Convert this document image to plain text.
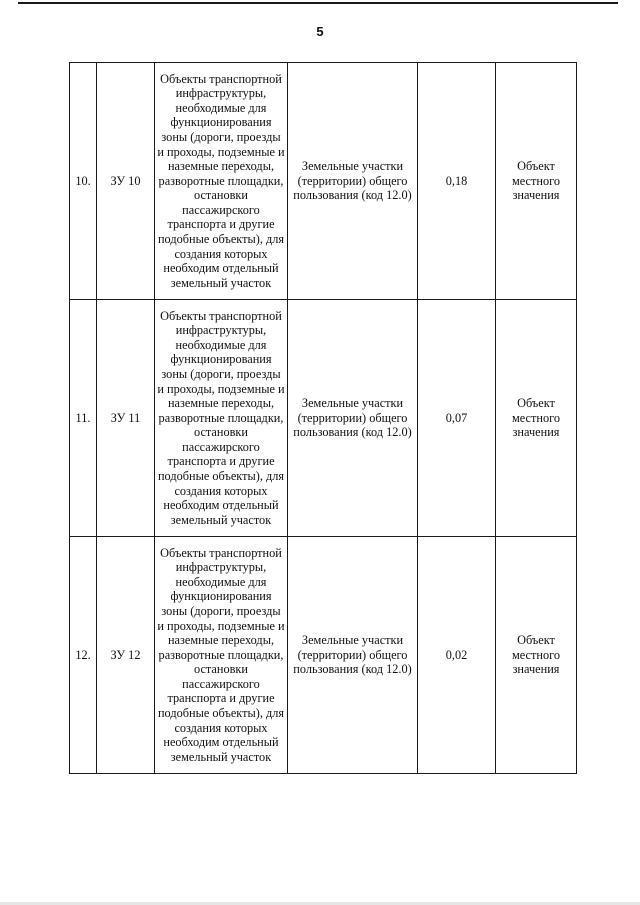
5
10.	ЗУ 10	Объекты транспортной инфраструктуры, необходимые для функционирования зоны (дороги, проезды и проходы, подземные и наземные переходы, разворотные площадки, остановки пассажирского транспорта и другие подобные объекты), для создания которых необходим отдельный земельный участок	Земельные участки (территории) общего пользования (код 12.0)	0,18	Объект местного значения

11.	ЗУ 11	Объекты транспортной инфраструктуры, необходимые для функционирования зоны (дороги, проезды и проходы, подземные и наземные переходы, разворотные площадки, остановки пассажирского транспорта и другие подобные объекты), для создания которых необходим отдельный земельный участок	Земельные участки (территории) общего пользования (код 12.0)	0,07	Объект местного значения

12.	ЗУ 12	Объекты транспортной инфраструктуры, необходимые для функционирования зоны (дороги, проезды и проходы, подземные и наземные переходы, разворотные площадки, остановки пассажирского транспорта и другие подобные объекты), для создания которых необходим отдельный земельный участок	Земельные участки (территории) общего пользования (код 12.0)	0,02	Объект местного значения
